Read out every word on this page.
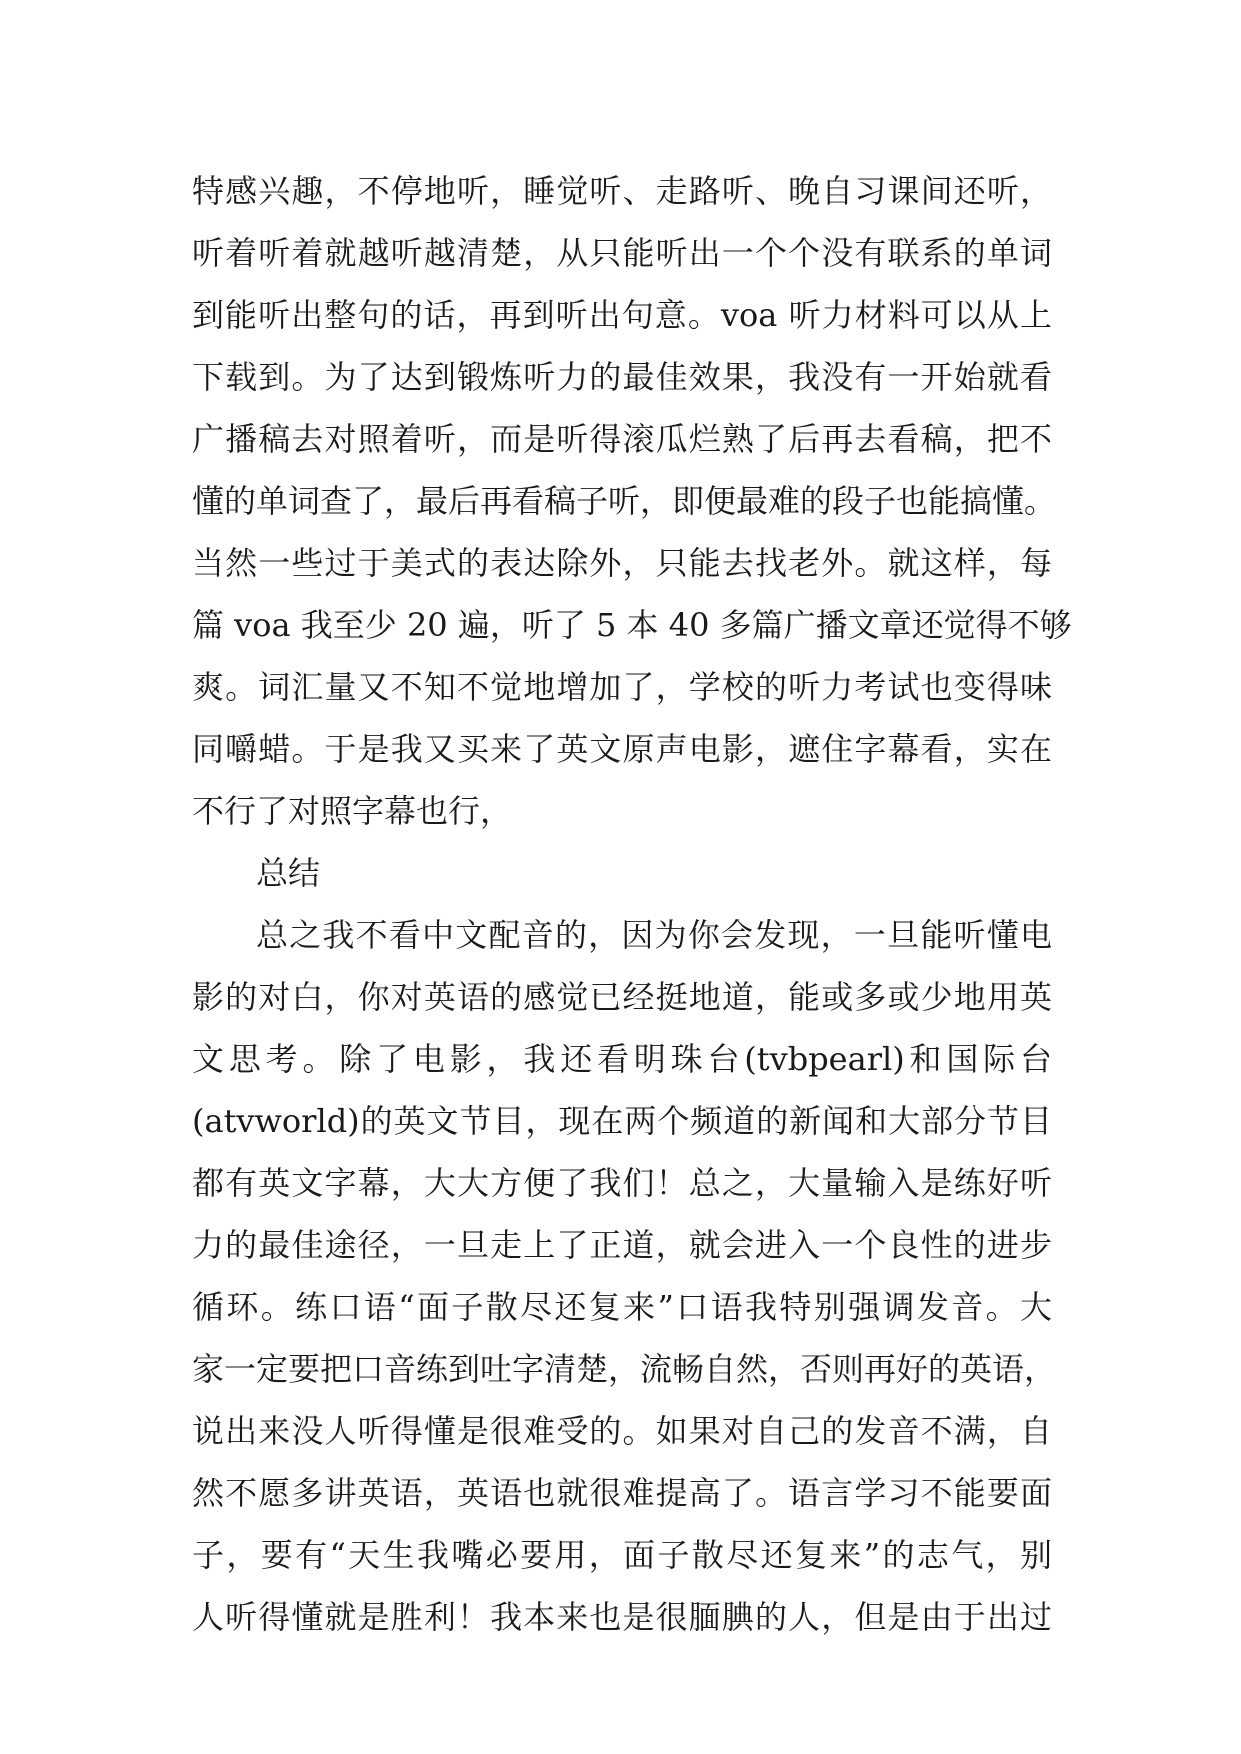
特感兴趣，不停地听，睡觉听、走路听、晚自习课间还听，
听着听着就越听越清楚，从只能听出一个个没有联系的单词
到能听出整句的话，再到听出句意。voa 听力材料可以从上
下载到。为了达到锻炼听力的最佳效果，我没有一开始就看
广播稿去对照着听，而是听得滚瓜烂熟了后再去看稿，把不
懂的单词查了，最后再看稿子听，即便最难的段子也能搞懂。
当然一些过于美式的表达除外，只能去找老外。就这样，每
篇 voa 我至少 20 遍，听了 5 本 40 多篇广播文章还觉得不够
爽。词汇量又不知不觉地增加了，学校的听力考试也变得味
同嚼蜡。于是我又买来了英文原声电影，遮住字幕看，实在
不行了对照字幕也行，
总结
总之我不看中文配音的，因为你会发现，一旦能听懂电
影的对白，你对英语的感觉已经挺地道，能或多或少地用英
文思考。除了电影，我还看明珠台(tvbpearl)和国际台
(atvworld)的英文节目，现在两个频道的新闻和大部分节目
都有英文字幕，大大方便了我们！总之，大量输入是练好听
力的最佳途径，一旦走上了正道，就会进入一个良性的进步
循环。练口语“面子散尽还复来”口语我特别强调发音。大
家一定要把口音练到吐字清楚，流畅自然，否则再好的英语，
说出来没人听得懂是很难受的。如果对自己的发音不满，自
然不愿多讲英语，英语也就很难提高了。语言学习不能要面
子，要有“天生我嘴必要用，面子散尽还复来”的志气，别
人听得懂就是胜利！我本来也是很腼腆的人，但是由于出过
